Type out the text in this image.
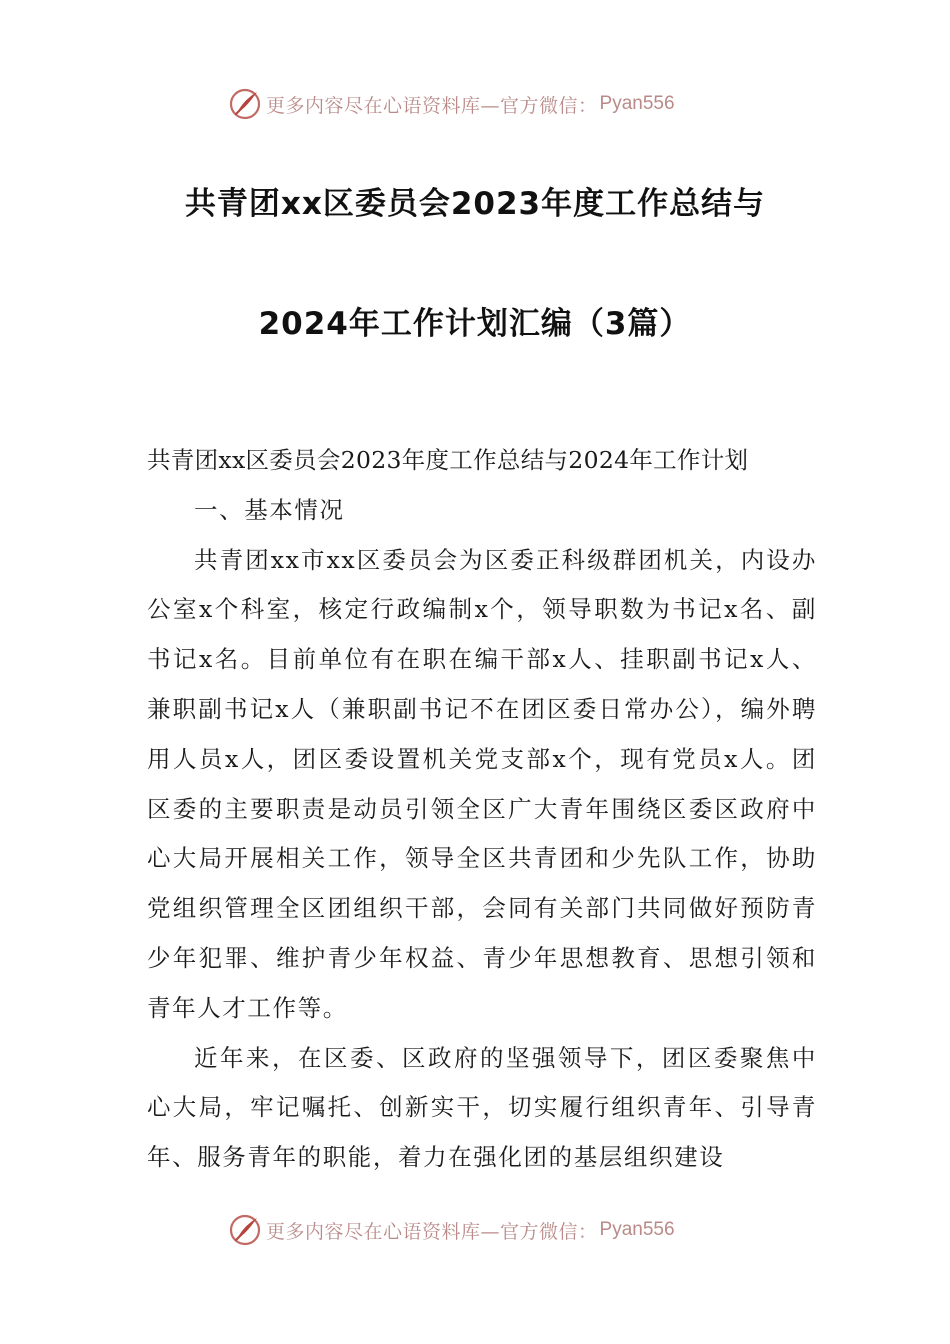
更多内容尽在心语资料库—官方微信： Pyan556
共青团xx区委员会2023年度工作总结与
2024年工作计划汇编（3篇）

共青团xx区委员会2023年度工作总结与2024年工作计划

一、基本情况

共青团xx市xx区委员会为区委正科级群团机关，内设办公室x个科室，核定行政编制x个，领导职数为书记x名、副书记x名。目前单位有在职在编干部x人、挂职副书记x人、兼职副书记x人（兼职副书记不在团区委日常办公），编外聘用人员x人，团区委设置机关党支部x个，现有党员x人。团区委的主要职责是动员引领全区广大青年围绕区委区政府中心大局开展相关工作，领导全区共青团和少先队工作，协助党组织管理全区团组织干部，会同有关部门共同做好预防青少年犯罪、维护青少年权益、青少年思想教育、思想引领和青年人才工作等。

近年来，在区委、区政府的坚强领导下，团区委聚焦中心大局，牢记嘱托、创新实干，切实履行组织青年、引导青年、服务青年的职能，着力在强化团的基层组织建设

更多内容尽在心语资料库—官方微信： Pyan556
